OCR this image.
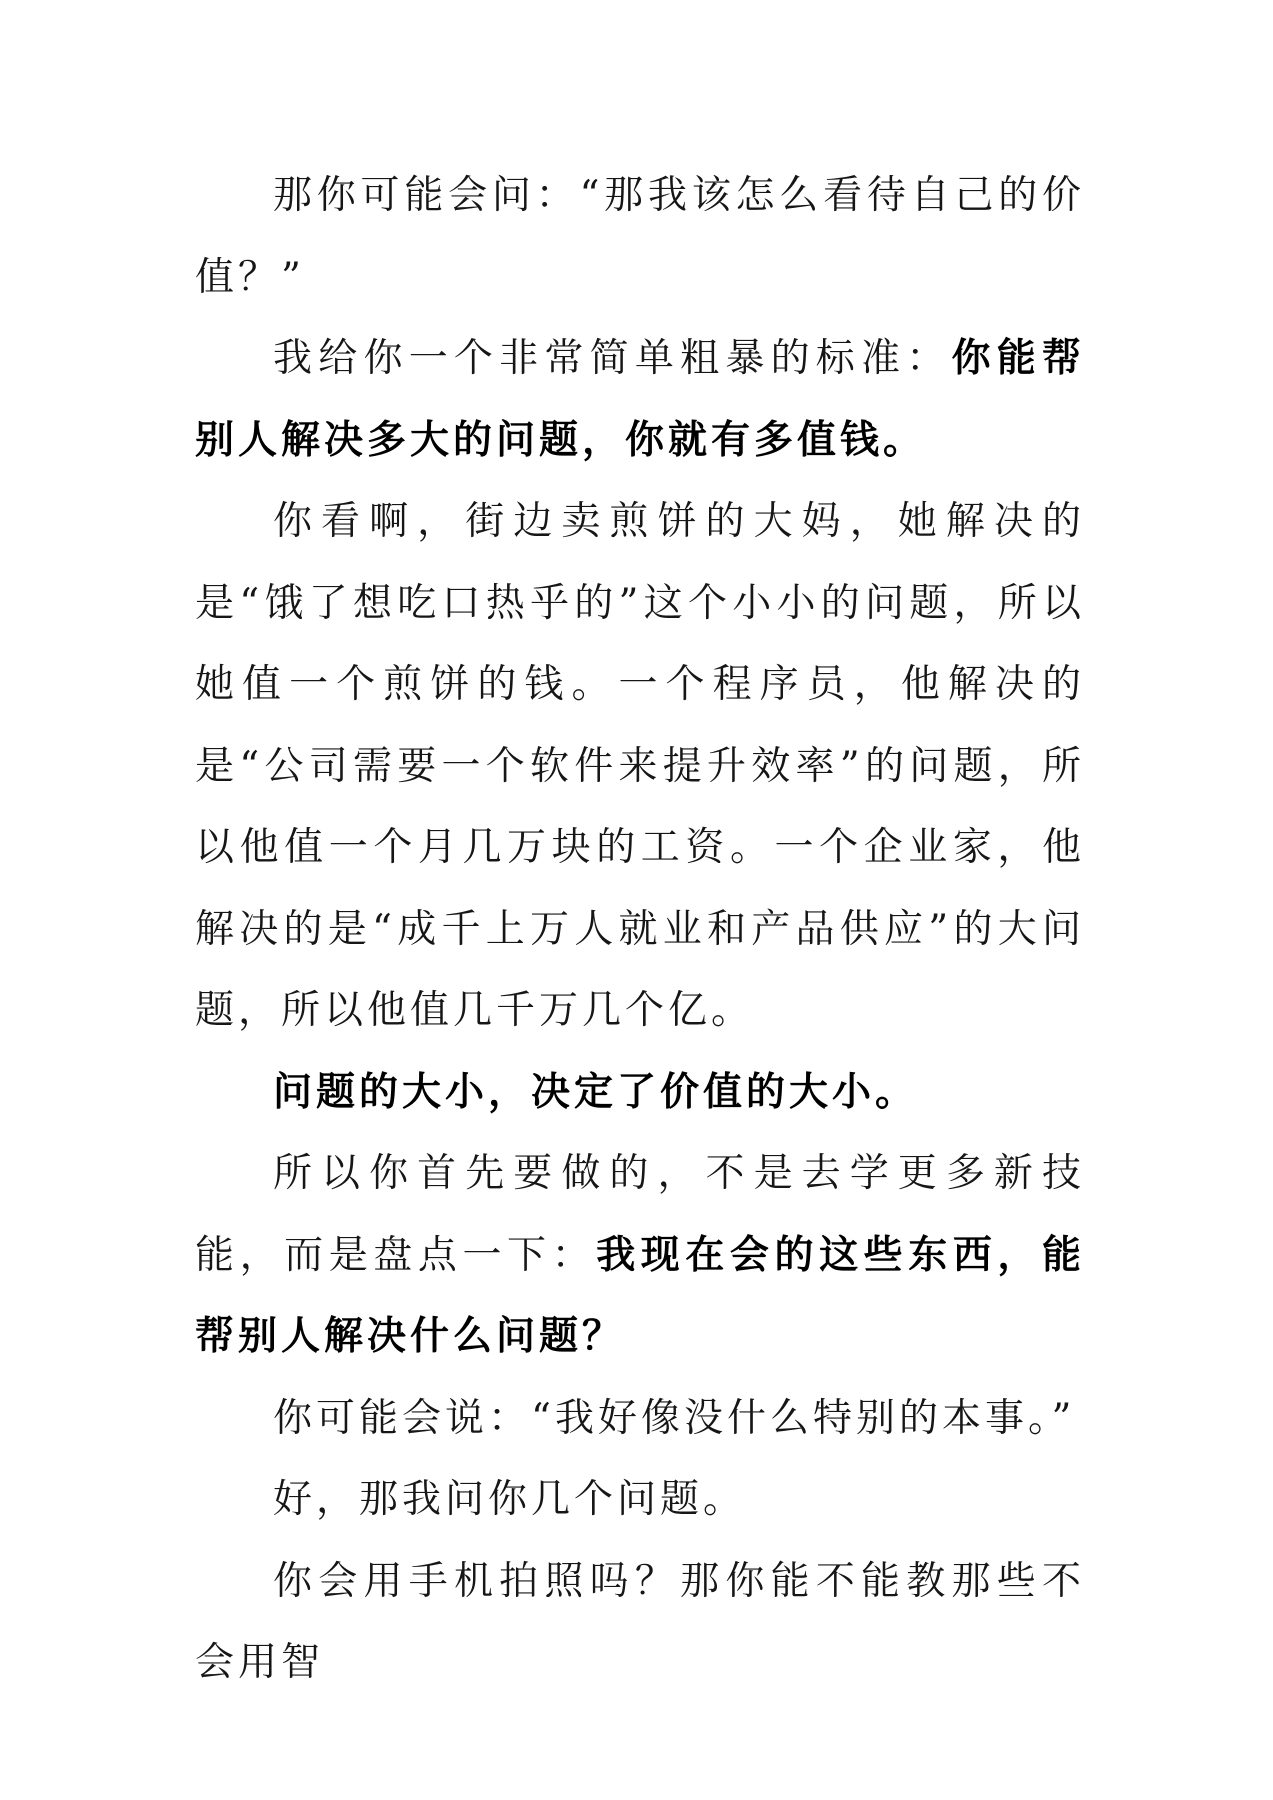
那你可能会问：“那我该怎么看待自己的价值？”

我给你一个非常简单粗暴的标准：你能帮别人解决多大的问题，你就有多值钱。

你看啊，街边卖煎饼的大妈，她解决的是“饿了想吃口热乎的”这个小小的问题，所以她值一个煎饼的钱。一个程序员，他解决的是“公司需要一个软件来提升效率”的问题，所以他值一个月几万块的工资。一个企业家，他解决的是“成千上万人就业和产品供应”的大问题，所以他值几千万几个亿。

问题的大小，决定了价值的大小。

所以你首先要做的，不是去学更多新技能，而是盘点一下：我现在会的这些东西，能帮别人解决什么问题？

你可能会说：“我好像没什么特别的本事。”

好，那我问你几个问题。

你会用手机拍照吗？那你能不能教那些不会用智
